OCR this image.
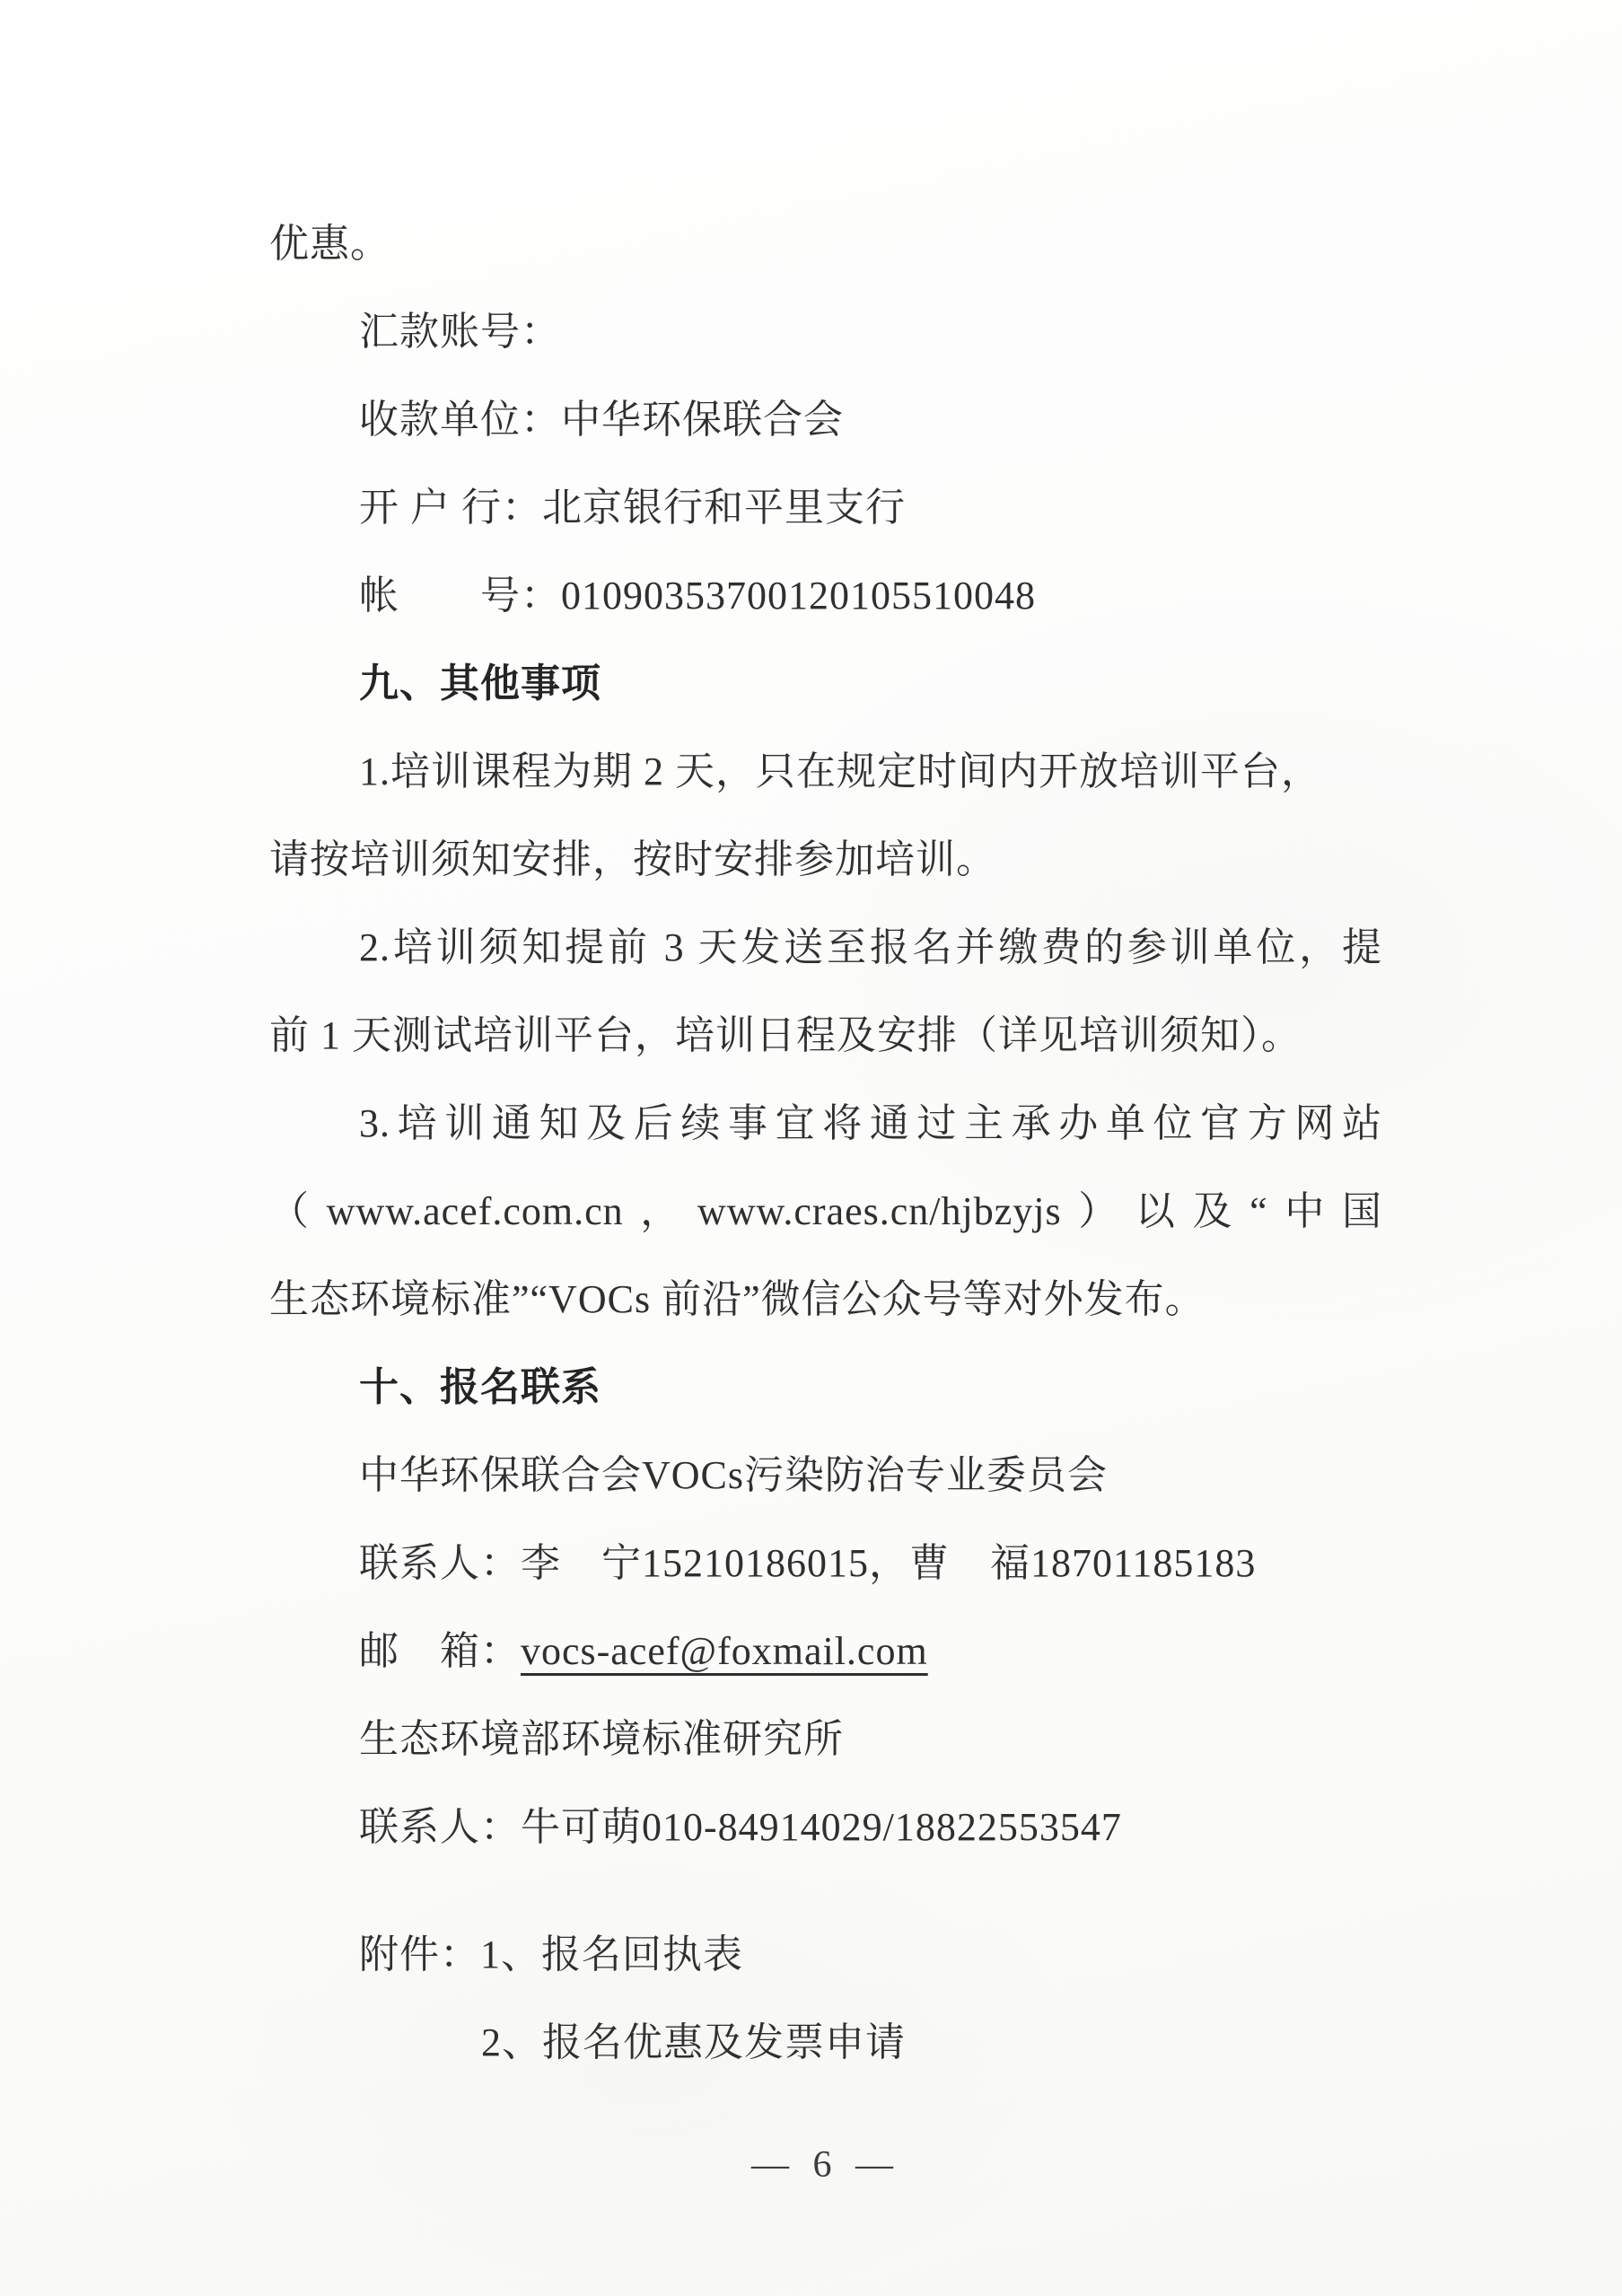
优惠。
汇款账号：
收款单位：中华环保联合会
开 户 行：北京银行和平里支行
帐　　号：01090353700120105510048
九、其他事项
1.培训课程为期 2 天，只在规定时间内开放培训平台，
请按培训须知安排，按时安排参加培训。
2.培训须知提前 3 天发送至报名并缴费的参训单位，提
前 1 天测试培训平台，培训日程及安排（详见培训须知）。
3.培训通知及后续事宜将通过主承办单位官方网站
（www.acef.com.cn，www.craes.cn/hjbzyjs）以及“中国
生态环境标准”“VOCs 前沿”微信公众号等对外发布。
十、报名联系
中华环保联合会VOCs污染防治专业委员会
联系人：李　宁15210186015，曹　福18701185183
邮　箱：vocs-acef@foxmail.com
生态环境部环境标准研究所
联系人：牛可萌010-84914029/18822553547
附件：1、报名回执表
2、报名优惠及发票申请
— 6 —
